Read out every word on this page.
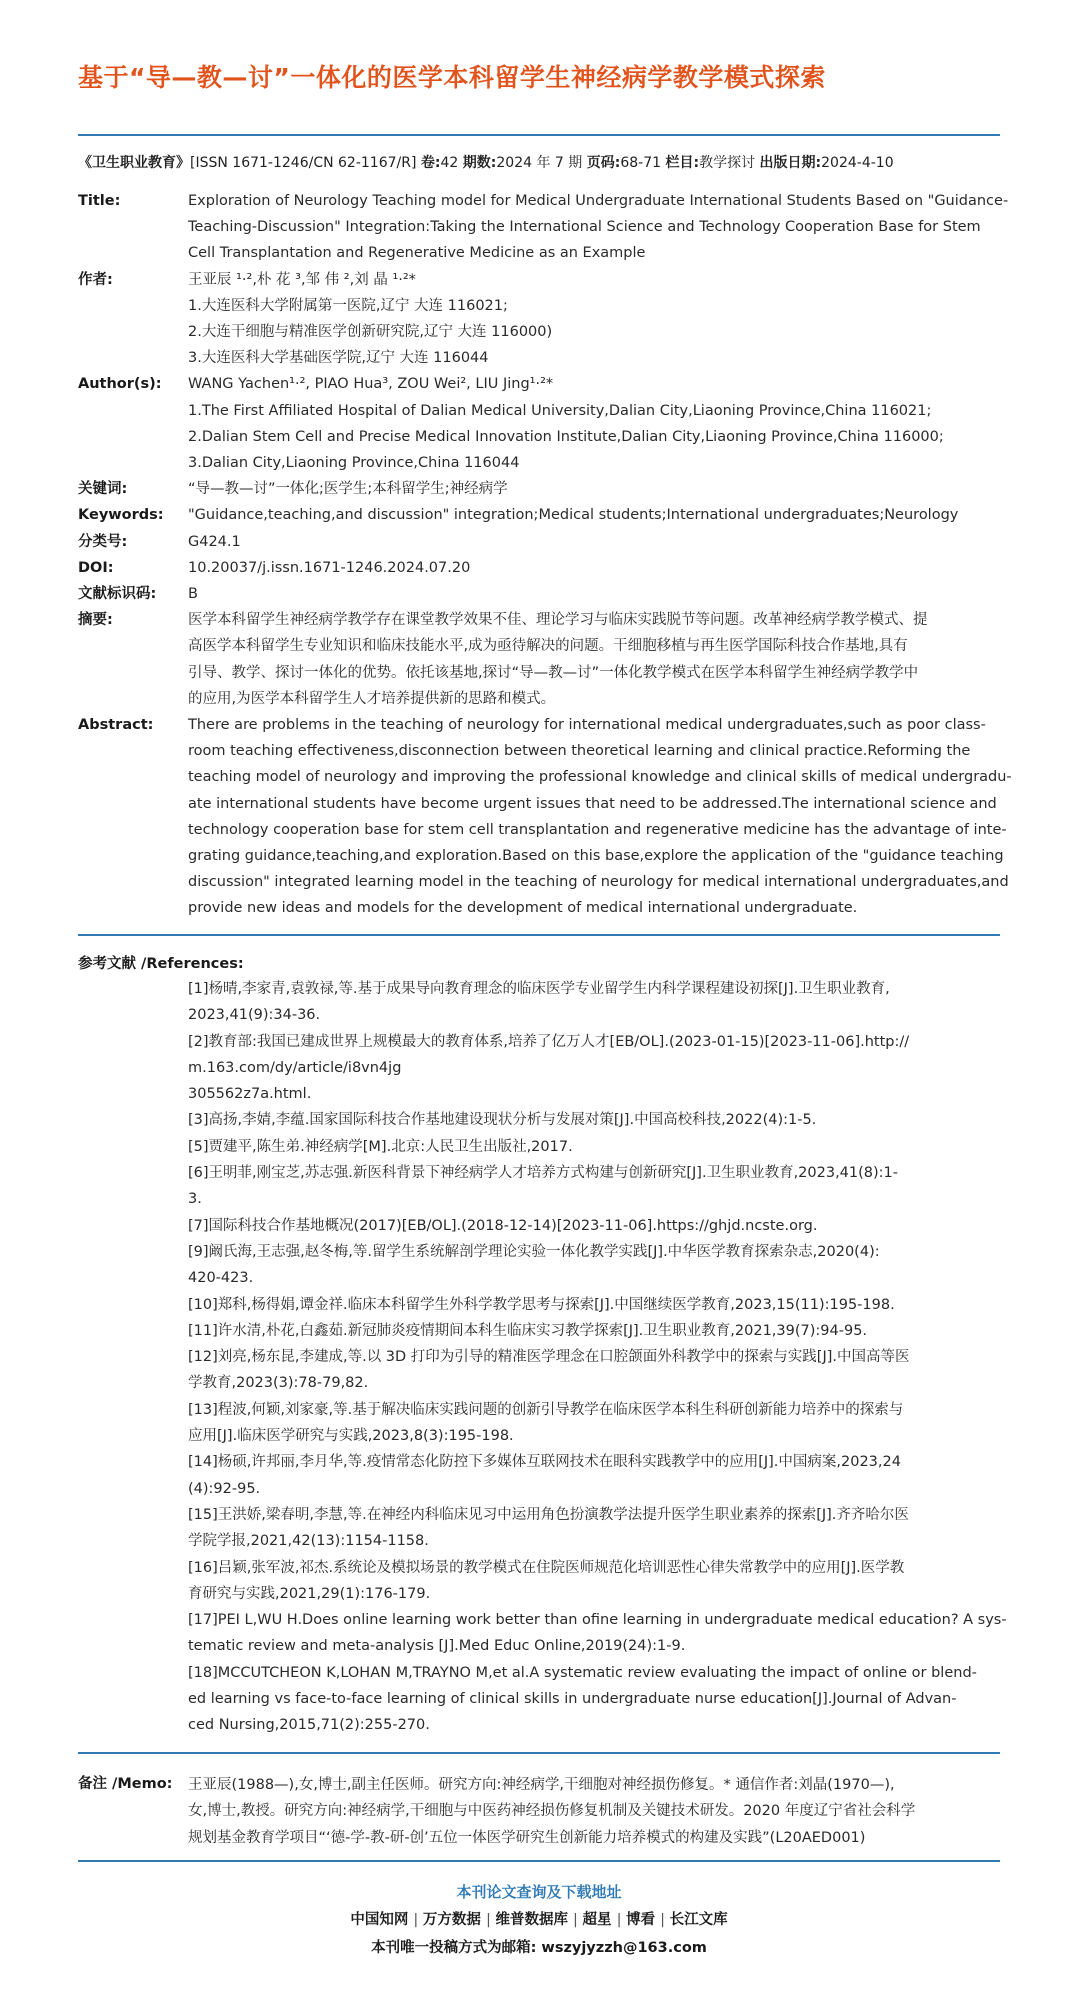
基于“导—教—讨”一体化的医学本科留学生神经病学教学模式探索
《卫生职业教育》[ISSN 1671-1246/CN 62-1167/R] 卷:42 期数:2024 年 7 期 页码:68-71 栏目:教学探讨 出版日期:2024-4-10
Title:	Exploration of Neurology Teaching model for Medical Undergraduate International Students Based on "Guidance-
Teaching-Discussion" Integration:Taking the International Science and Technology Cooperation Base for Stem
Cell Transplantation and Regenerative Medicine as an Example
作者:	王亚辰 ¹·²,朴 花 ³,邹 伟 ²,刘 晶 ¹·²*
1.大连医科大学附属第一医院,辽宁 大连 116021;
2.大连干细胞与精准医学创新研究院,辽宁 大连 116000)
3.大连医科大学基础医学院,辽宁 大连 116044
Author(s):	WANG Yachen¹·², PIAO Hua³, ZOU Wei², LIU Jing¹·²*
1.The First Affiliated Hospital of Dalian Medical University,Dalian City,Liaoning Province,China 116021;
2.Dalian Stem Cell and Precise Medical Innovation Institute,Dalian City,Liaoning Province,China 116000;
3.Dalian City,Liaoning Province,China 116044
关键词:	“导—教—讨”一体化;医学生;本科留学生;神经病学
Keywords:	"Guidance,teaching,and discussion" integration;Medical students;International undergraduates;Neurology
分类号:	G424.1
DOI:	10.20037/j.issn.1671-1246.2024.07.20
文献标识码:	B
摘要:	医学本科留学生神经病学教学存在课堂教学效果不佳、理论学习与临床实践脱节等问题。改革神经病学教学模式、提
高医学本科留学生专业知识和临床技能水平,成为亟待解决的问题。干细胞移植与再生医学国际科技合作基地,具有
引导、教学、探讨一体化的优势。依托该基地,探讨“导—教—讨”一体化教学模式在医学本科留学生神经病学教学中
的应用,为医学本科留学生人才培养提供新的思路和模式。
Abstract:	There are problems in the teaching of neurology for international medical undergraduates,such as poor class-
room teaching effectiveness,disconnection between theoretical learning and clinical practice.Reforming the
teaching model of neurology and improving the professional knowledge and clinical skills of medical undergradu-
ate international students have become urgent issues that need to be addressed.The international science and
technology cooperation base for stem cell transplantation and regenerative medicine has the advantage of inte-
grating guidance,teaching,and exploration.Based on this base,explore the application of the "guidance teaching
discussion" integrated learning model in the teaching of neurology for medical international undergraduates,and
provide new ideas and models for the development of medical international undergraduate.
参考文献 /References:
[1]杨晴,李家青,袁敦禄,等.基于成果导向教育理念的临床医学专业留学生内科学课程建设初探[J].卫生职业教育,
2023,41(9):34-36.
[2]教育部:我国已建成世界上规模最大的教育体系,培养了亿万人才[EB/OL].(2023-01-15)[2023-11-06].http://
m.163.com/dy/article/i8vn4jg
305562z7a.html.
[3]高扬,李婧,李蕴.国家国际科技合作基地建设现状分析与发展对策[J].中国高校科技,2022(4):1-5.
[5]贾建平,陈生弟.神经病学[M].北京:人民卫生出版社,2017.
[6]王明菲,刚宝芝,苏志强.新医科背景下神经病学人才培养方式构建与创新研究[J].卫生职业教育,2023,41(8):1-
3.
[7]国际科技合作基地概况(2017)[EB/OL].(2018-12-14)[2023-11-06].https://ghjd.ncste.org.
[9]阚氏海,王志强,赵冬梅,等.留学生系统解剖学理论实验一体化教学实践[J].中华医学教育探索杂志,2020(4):
420-423.
[10]郑科,杨得娟,谭金祥.临床本科留学生外科学教学思考与探索[J].中国继续医学教育,2023,15(11):195-198.
[11]许水清,朴花,白鑫茹.新冠肺炎疫情期间本科生临床实习教学探索[J].卫生职业教育,2021,39(7):94-95.
[12]刘亮,杨东昆,李建成,等.以 3D 打印为引导的精准医学理念在口腔颌面外科教学中的探索与实践[J].中国高等医
学教育,2023(3):78-79,82.
[13]程波,何颖,刘家豪,等.基于解决临床实践问题的创新引导教学在临床医学本科生科研创新能力培养中的探索与
应用[J].临床医学研究与实践,2023,8(3):195-198.
[14]杨硕,许邦丽,李月华,等.疫情常态化防控下多媒体互联网技术在眼科实践教学中的应用[J].中国病案,2023,24
(4):92-95.
[15]王洪娇,梁春明,李慧,等.在神经内科临床见习中运用角色扮演教学法提升医学生职业素养的探索[J].齐齐哈尔医
学院学报,2021,42(13):1154-1158.
[16]吕颖,张军波,祁杰.系统论及模拟场景的教学模式在住院医师规范化培训恶性心律失常教学中的应用[J].医学教
育研究与实践,2021,29(1):176-179.
[17]PEI L,WU H.Does online learning work better than ofine learning in undergraduate medical education? A sys-
tematic review and meta-analysis [J].Med Educ Online,2019(24):1-9.
[18]MCCUTCHEON K,LOHAN M,TRAYNO M,et al.A systematic review evaluating the impact of online or blend-
ed learning vs face-to-face learning of clinical skills in undergraduate nurse education[J].Journal of Advan-
ced Nursing,2015,71(2):255-270.
备注 /Memo: 王亚辰(1988—),女,博士,副主任医师。研究方向:神经病学,干细胞对神经损伤修复。* 通信作者:刘晶(1970—),
女,博士,教授。研究方向:神经病学,干细胞与中医药神经损伤修复机制及关键技术研发。2020 年度辽宁省社会科学
规划基金教育学项目“‘德-学-教-研-创’五位一体医学研究生创新能力培养模式的构建及实践”(L20AED001)
本刊论文查询及下载地址
中国知网 | 万方数据 | 维普数据库 | 超星 | 博看 | 长江文库
本刊唯一投稿方式为邮箱: wszyjyzzh@163.com
